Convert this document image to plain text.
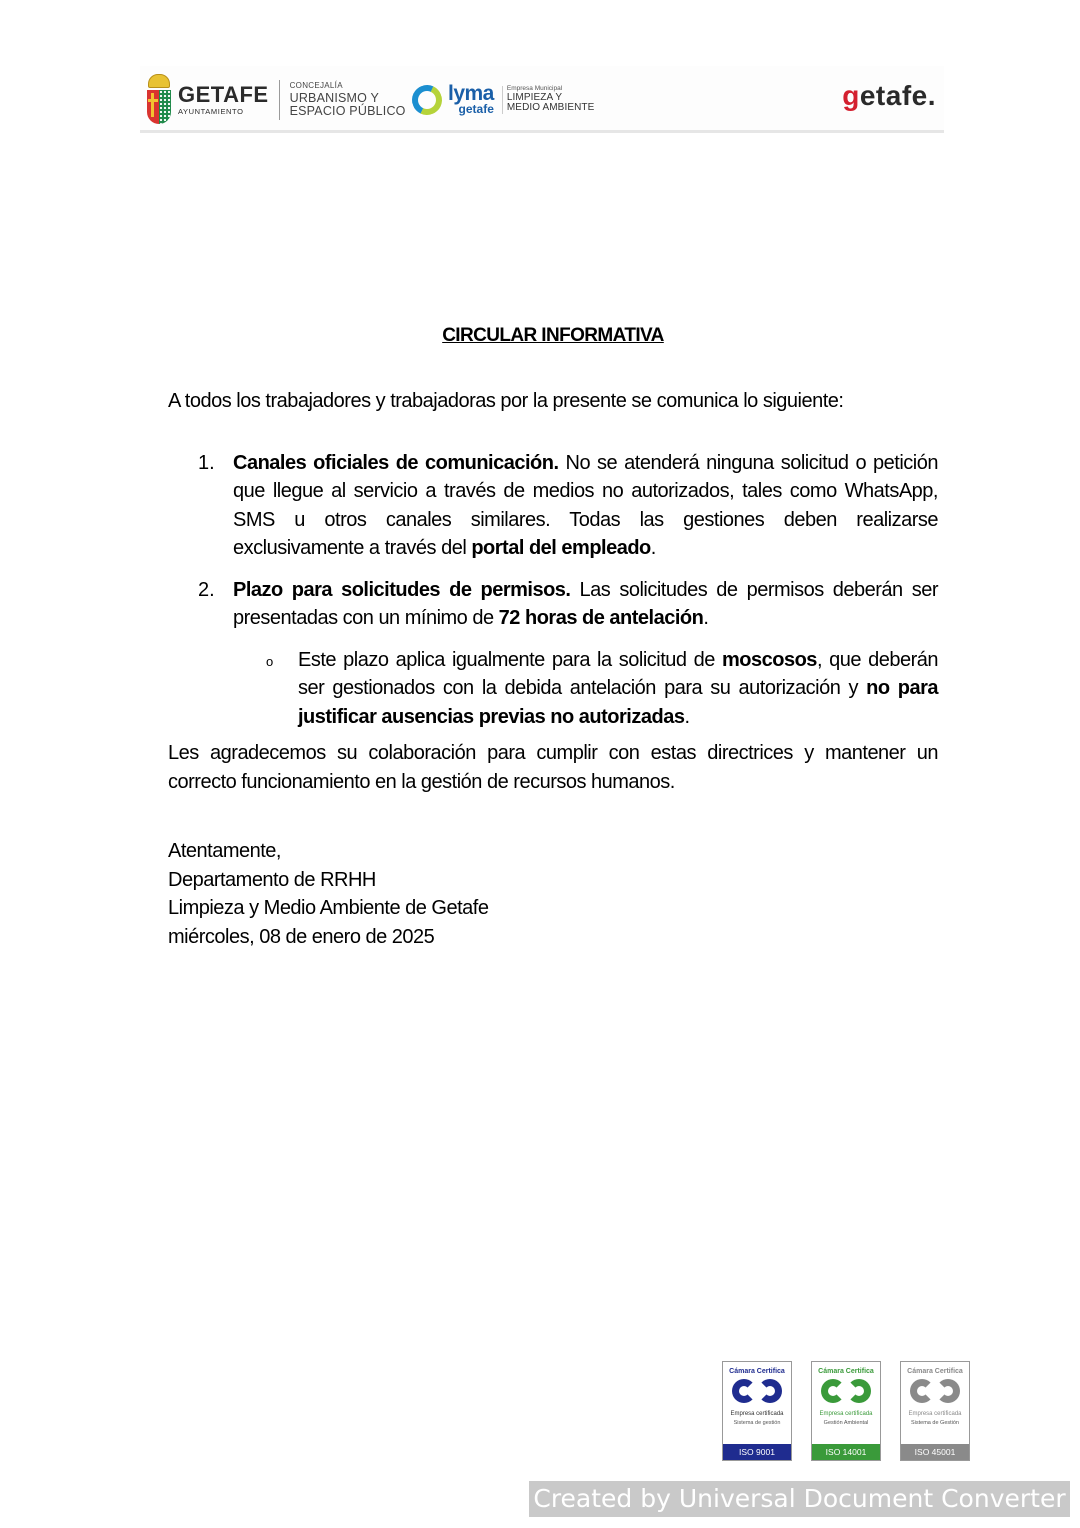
GETAFE
AYUNTAMIENTO
CONCEJALÍA
URBANISMO Y
ESPACIO PÚBLICO
lyma
getafe
Empresa Municipal
LIMPIEZA Y
MEDIO AMBIENTE	getafe.
CIRCULAR INFORMATIVA

A todos los trabajadores y trabajadoras por la presente se comunica lo siguiente:

1. Canales oficiales de comunicación. No se atenderá ninguna solicitud o petición que llegue al servicio a través de medios no autorizados, tales como WhatsApp, SMS u otros canales similares. Todas las gestiones deben realizarse exclusivamente a través del portal del empleado.

2. Plazo para solicitudes de permisos. Las solicitudes de permisos deberán ser presentadas con un mínimo de 72 horas de antelación.

o Este plazo aplica igualmente para la solicitud de moscosos, que deberán ser gestionados con la debida antelación para su autorización y no para justificar ausencias previas no autorizadas.

Les agradecemos su colaboración para cumplir con estas directrices y mantener un correcto funcionamiento en la gestión de recursos humanos.

Atentamente,
Departamento de RRHH
Limpieza y Medio Ambiente de Getafe
miércoles, 08 de enero de 2025
Cámara Certifica
Empresa certificada
Sistema de gestión
ISO 9001
Cámara Certifica
Empresa certificada
Gestión Ambiental
ISO 14001
Cámara Certifica
Empresa certificada
Sistema de Gestión
ISO 45001
Created by Universal Document Converter
